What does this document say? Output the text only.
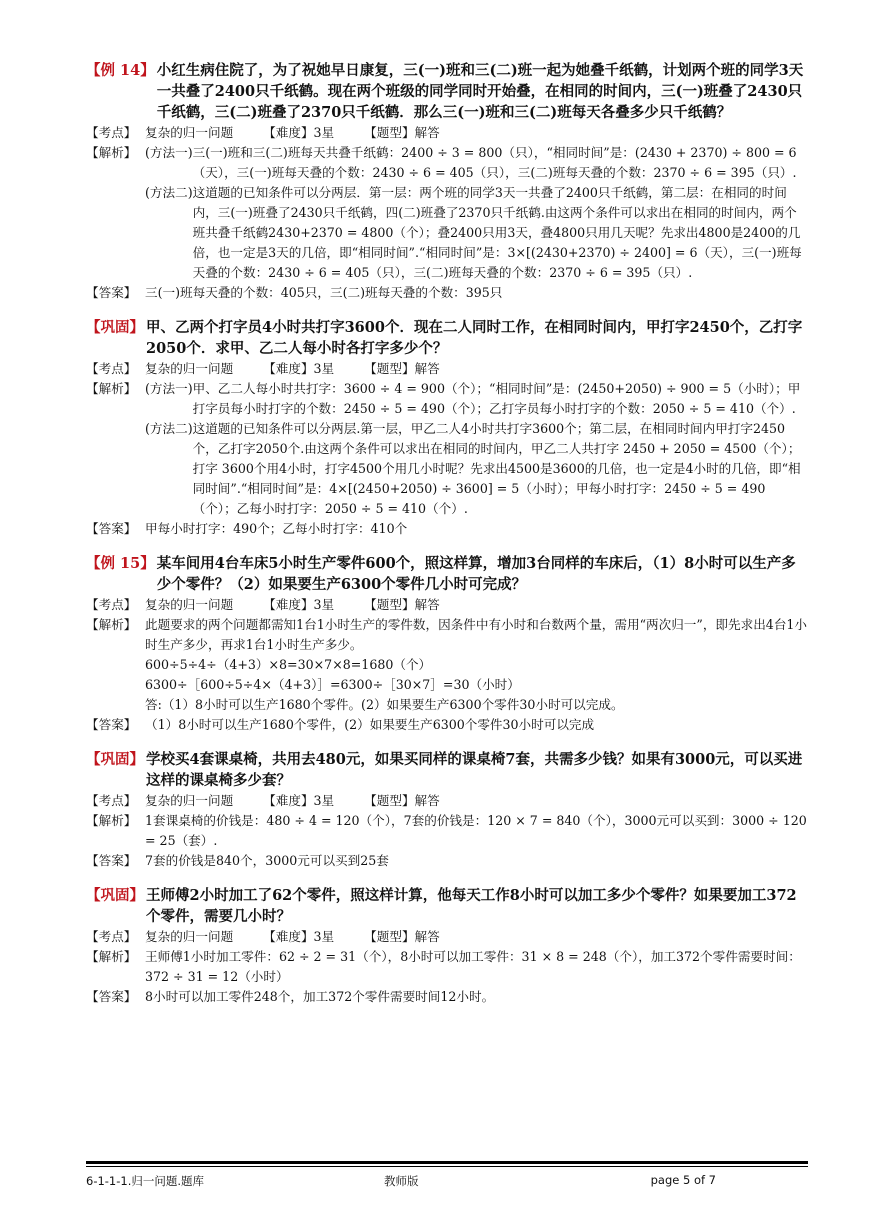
【例 14】 小红生病住院了，为了祝她早日康复，三(一)班和三(二)班一起为她叠千纸鹤，计划两个班的同学3天一共叠了2400只千纸鹤。现在两个班级的同学同时开始叠，在相同的时间内，三(一)班叠了2430只千纸鹤，三(二)班叠了2370只千纸鹤．那么三(一)班和三(二)班每天各叠多少只千纸鹤？
【考点】 复杂的归一问题 【难度】3星 【题型】解答
【解析】 (方法一) 三(一)班和三(二)班每天共叠千纸鹤：2400 ÷ 3 = 800（只），“相同时间”是：(2430 + 2370) ÷ 800 = 6（天），三(一)班每天叠的个数：2430 ÷ 6 = 405（只），三(二)班每天叠的个数：2370 ÷ 6 = 395（只）.
(方法二) 这道题的已知条件可以分两层．第一层：两个班的同学3天一共叠了2400只千纸鹤，第二层：在相同的时间内，三(一)班叠了2430只千纸鹤，四(二)班叠了2370只千纸鹤.由这两个条件可以求出在相同的时间内，两个班共叠千纸鹤2430+2370 = 4800（个）；叠2400只用3天，叠4800只用几天呢？先求出4800是2400的几倍，也一定是3天的几倍，即“相同时间”.“相同时间”是：3×[(2430+2370) ÷ 2400] = 6（天），三(一)班每天叠的个数：2430 ÷ 6 = 405（只），三(二)班每天叠的个数：2370 ÷ 6 = 395（只）.
【答案】 三(一)班每天叠的个数：405只，三(二)班每天叠的个数：395只
【巩固】 甲、乙两个打字员4小时共打字3600个．现在二人同时工作，在相同时间内，甲打字2450个，乙打字2050个．求甲、乙二人每小时各打字多少个？
【考点】 复杂的归一问题 【难度】3星 【题型】解答
【解析】 (方法一) 甲、乙二人每小时共打字：3600 ÷ 4 = 900（个）；“相同时间”是：(2450+2050) ÷ 900 = 5（小时）；甲打字员每小时打字的个数：2450 ÷ 5 = 490（个）；乙打字员每小时打字的个数：2050 ÷ 5 = 410（个）.
(方法二) 这道题的已知条件可以分两层.第一层，甲乙二人4小时共打字3600个；第二层，在相同时间内甲打字2450个，乙打字2050个.由这两个条件可以求出在相同的时间内，甲乙二人共打字 2450 + 2050 = 4500（个）；打字 3600个用4小时，打字4500个用几小时呢？先求出4500是3600的几倍，也一定是4小时的几倍，即“相同时间”.“相同时间”是：4×[(2450+2050) ÷ 3600] = 5（小时）；甲每小时打字：2450 ÷ 5 = 490（个）；乙每小时打字：2050 ÷ 5 = 410（个）.
【答案】 甲每小时打字：490个；乙每小时打字：410个
【例 15】 某车间用4台车床5小时生产零件600个，照这样算，增加3台同样的车床后，（1）8小时可以生产多少个零件？（2）如果要生产6300个零件几小时可完成？
【考点】 复杂的归一问题 【难度】3星 【题型】解答
【解析】 此题要求的两个问题都需知1台1小时生产的零件数，因条件中有小时和台数两个量，需用“两次归一”，即先求出4台1小时生产多少，再求1台1小时生产多少。

600÷5÷4÷（4+3）×8=30×7×8=1680（个）

6300÷［600÷5÷4×（4+3）］=6300÷［30×7］=30（小时）

答:（1）8小时可以生产1680个零件。(2）如果要生产6300个零件30小时可以完成。

【答案】 （1）8小时可以生产1680个零件，(2）如果要生产6300个零件30小时可以完成
【巩固】 学校买4套课桌椅，共用去480元，如果买同样的课桌椅7套，共需多少钱？如果有3000元，可以买进这样的课桌椅多少套？
【考点】 复杂的归一问题 【难度】3星 【题型】解答
【解析】 1套课桌椅的价钱是：480 ÷ 4 = 120（个），7套的价钱是：120 × 7 = 840（个），3000元可以买到：3000 ÷ 120 = 25（套）.

【答案】 7套的价钱是840个，3000元可以买到25套
【巩固】 王师傅2小时加工了62个零件，照这样计算，他每天工作8小时可以加工多少个零件？如果要加工372个零件，需要几小时？
【考点】 复杂的归一问题 【难度】3星 【题型】解答
【解析】 王师傅1小时加工零件：62 ÷ 2 = 31（个），8小时可以加工零件：31 × 8 = 248（个），加工372个零件需要时间：372 ÷ 31 = 12（小时）

【答案】 8小时可以加工零件248个，加工372个零件需要时间12小时。
6-1-1-1.归一问题.题库	教师版	page 5 of 7
